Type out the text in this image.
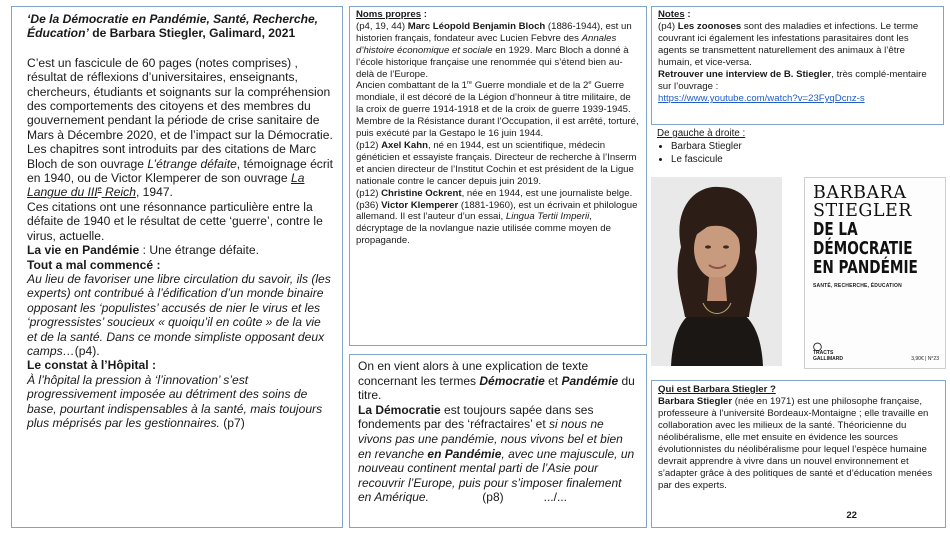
‘De la Démocratie en Pandémie, Santé, Recherche, Éducation’ de Barbara Stiegler, Galimard, 2021

C’est un fascicule de 60 pages (notes comprises) , résultat de réflexions d’universitaires, enseignants, chercheurs, étudiants et soignants sur la compréhension des comportements des citoyens et des membres du gouvernement pendant la période de crise sanitaire de Mars à Décembre 2020, et de l’impact sur la Démocratie.

Les chapitres sont introduits par des citations de Marc Bloch de son ouvrage L’étrange défaite, témoignage écrit en 1940, ou de Victor Klemperer de son ouvrage La Langue du IIIe Reich, 1947.

Ces citations ont une résonnance particulière entre la défaite de 1940 et le résultat de cette ‘guerre’, contre le virus, actuelle.

La vie en Pandémie : Une étrange défaite.

Tout a mal commencé :

Au lieu de favoriser une libre circulation du savoir, ils (les experts) ont contribué à l’édification d’un monde binaire opposant les ‘populistes’ accusés de nier le virus et les ‘progressistes’ soucieux « quoiqu’il en coûte » de la vie et de la santé. Dans ce monde simpliste opposant deux camps…(p4).

Le constat à l’Hôpital :

À l’hôpital la pression à ‘l’innovation’ s’est progressivement imposée au détriment des soins de base, pourtant indispensables à la santé, mais toujours plus méprisés par les gestionnaires. (p7)

Noms propres :

(p4, 19, 44) Marc Léopold Benjamin Bloch (1886-1944), est un historien français, fondateur avec Lucien Febvre des Annales d’histoire économique et sociale en 1929. Marc Bloch a donné à l’école historique française une renommée qui s’étend bien au-delà de l’Europe.

Ancien combattant de la 1re Guerre mondiale et de la 2e Guerre mondiale, il est décoré de la Légion d’honneur à titre militaire, de la croix de guerre 1914-1918 et de la croix de guerre 1939-1945. Membre de la Résistance durant l’Occupation, il est arrêté, torturé, puis exécuté par la Gestapo le 16 juin 1944.

(p12) Axel Kahn, né en 1944, est un scientifique, médecin généticien et essayiste français. Directeur de recherche à l’Inserm et ancien directeur de l’Institut Cochin et est président de la Ligue nationale contre le cancer depuis juin 2019.

(p12) Christine Ockrent, née en 1944, est une journaliste belge.

(p36) Victor Klemperer (1881-1960), est un écrivain et philologue allemand. Il est l’auteur d’un essai, Lingua Tertii Imperii, décryptage de la novlangue nazie utilisée comme moyen de propagande.

On en vient alors à une explication de texte concernant les termes Démocratie et Pandémie du titre.

La Démocratie est toujours sapée dans ses fondements par des ‘réfractaires’ et si nous ne vivons pas une pandémie, nous vivons bel et bien en revanche en Pandémie, avec une majuscule, un nouveau continent mental parti de l’Asie pour recouvrir l’Europe, puis pour s’imposer finalement en Amérique.	(p8)	.../...

Notes :

(p4) Les zoonoses sont des maladies et infections. Le terme couvrant ici également les infestations parasitaires dont les agents se transmettent naturellement des animaux à l’être humain, et vice-versa.

Retrouver une interview de B. Stiegler, très complé-mentaire sur l’ouvrage :

https://www.youtube.com/watch?v=23FyqDcnz-s

De gauche à droite :

• Barbara Stiegler
• Le fascicule
BARBARA
STIEGLER
DE LA
DÉMOCRATIE
EN PANDÉMIE
SANTÉ, RECHERCHE, ÉDUCATION
◯
TRACTS
GALLIMARD	3,90€ | N°23

Qui est Barbara Stiegler ?

Barbara Stiegler (née en 1971) est une philosophe française, professeure à l’université Bordeaux-Montaigne ; elle travaille en collaboration avec les milieux de la santé. Théoricienne du néolibéralisme, elle met ensuite en évidence les sources évolutionnistes du néolibéralisme pour lequel l’espèce humaine devrait apprendre à vivre dans un nouvel environnement et s’adapter grâce à des politiques de santé et d’éducation menées par des experts.

22
